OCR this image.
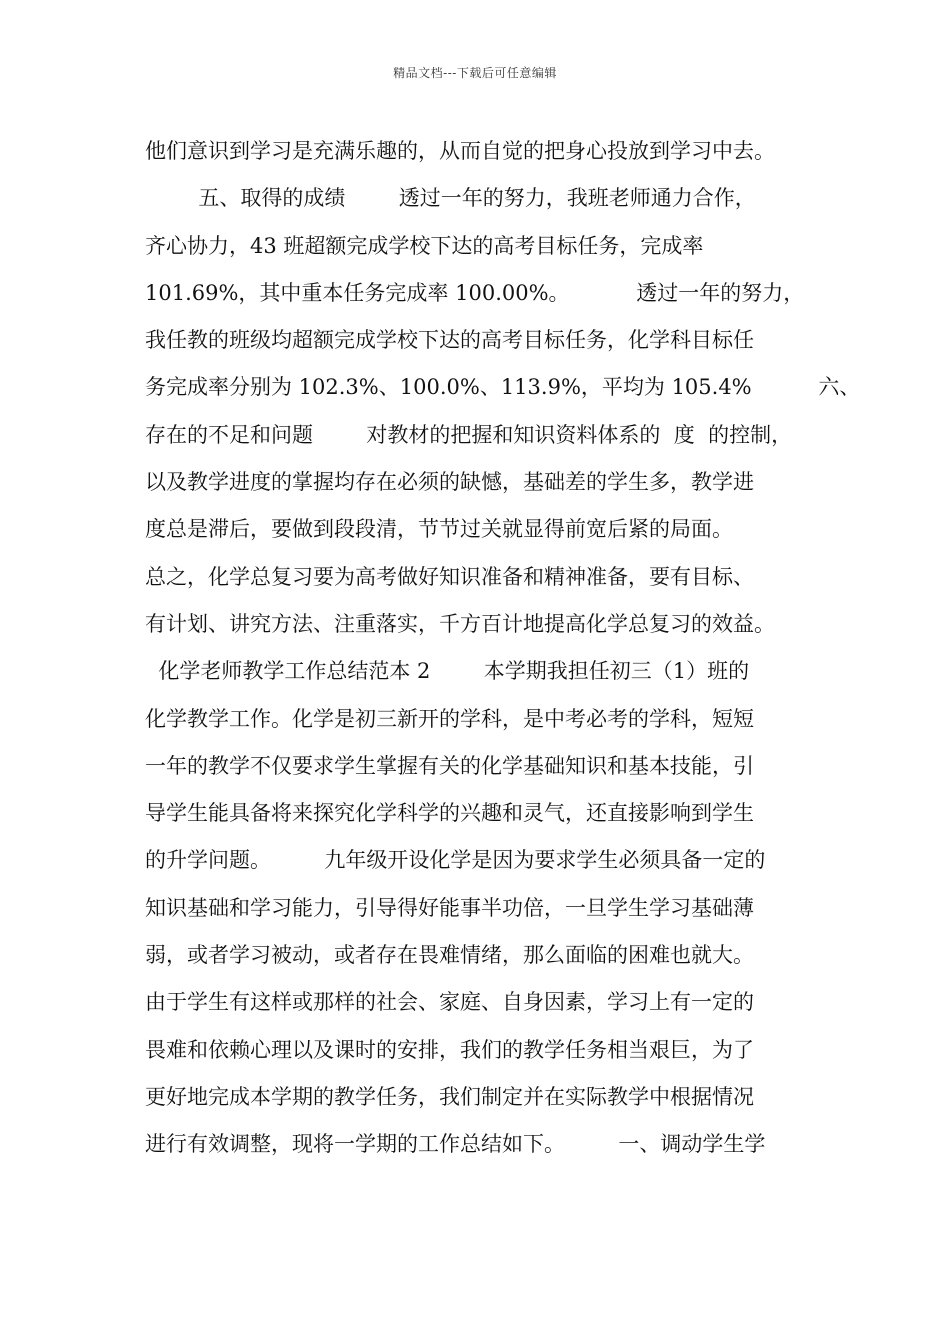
精品文档---下载后可任意编辑
他们意识到学习是充满乐趣的，从而自觉的把身心投放到学习中去。
五、取得的成绩        透过一年的努力，我班老师通力合作，
齐心协力，43 班超额完成学校下达的高考目标任务，完成率
101.69%，其中重本任务完成率 100.00%。          透过一年的努力，
我任教的班级均超额完成学校下达的高考目标任务，化学科目标任
务完成率分别为 102.3%、100.0%、113.9%，平均为 105.4%          六、
存在的不足和问题        对教材的把握和知识资料体系的  度  的控制，
以及教学进度的掌握均存在必须的缺憾，基础差的学生多，教学进
度总是滞后，要做到段段清，节节过关就显得前宽后紧的局面。
总之，化学总复习要为高考做好知识准备和精神准备，要有目标、
有计划、讲究方法、注重落实，千方百计地提高化学总复习的效益。
化学老师教学工作总结范本 2        本学期我担任初三（1）班的
化学教学工作。化学是初三新开的学科，是中考必考的学科，短短
一年的教学不仅要求学生掌握有关的化学基础知识和基本技能，引
导学生能具备将来探究化学科学的兴趣和灵气，还直接影响到学生
的升学问题。        九年级开设化学是因为要求学生必须具备一定的
知识基础和学习能力，引导得好能事半功倍，一旦学生学习基础薄
弱，或者学习被动，或者存在畏难情绪，那么面临的困难也就大。
由于学生有这样或那样的社会、家庭、自身因素，学习上有一定的
畏难和依赖心理以及课时的安排，我们的教学任务相当艰巨，为了
更好地完成本学期的教学任务，我们制定并在实际教学中根据情况
进行有效调整，现将一学期的工作总结如下。        一、调动学生学
